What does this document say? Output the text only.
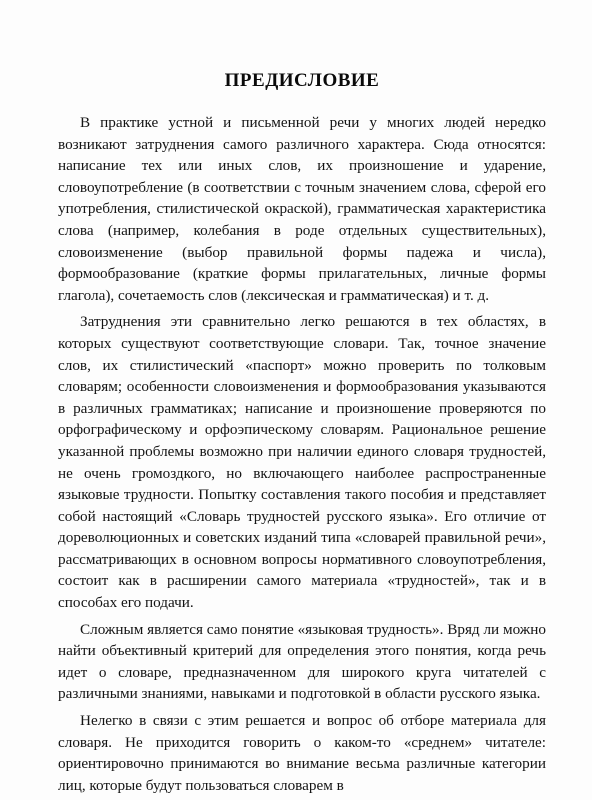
ПРЕДИСЛОВИЕ

В практике устной и письменной речи у многих людей нередко возникают затруднения самого различного характера. Сюда относятся: написание тех или иных слов, их произношение и ударение, словоупотребление (в соответствии с точным значением слова, сферой его употребления, стилистической окраской), грамматическая характеристика слова (например, колебания в роде отдельных существительных), словоизменение (выбор правильной формы падежа и числа), формообразование (краткие формы прилагательных, личные формы глагола), сочетаемость слов (лексическая и грамматическая) и т. д.

Затруднения эти сравнительно легко решаются в тех областях, в которых существуют соответствующие словари. Так, точное значение слов, их стилистический «паспорт» можно проверить по толковым словарям; особенности словоизменения и формообразования указываются в различных грамматиках; написание и произношение проверяются по орфографическому и орфоэпическому словарям. Рациональное решение указанной проблемы возможно при наличии единого словаря трудностей, не очень громоздкого, но включающего наиболее распространенные языковые трудности. Попытку составления такого пособия и представляет собой настоящий «Словарь трудностей русского языка». Его отличие от дореволюционных и советских изданий типа «словарей правильной речи», рассматривающих в основном вопросы нормативного словоупотребления, состоит как в расширении самого материала «трудностей», так и в способах его подачи.

Сложным является само понятие «языковая трудность». Вряд ли можно найти объективный критерий для определения этого понятия, когда речь идет о словаре, предназначенном для широкого круга читателей с различными знаниями, навыками и подготовкой в области русского языка.

Нелегко в связи с этим решается и вопрос об отборе материала для словаря. Не приходится говорить о каком-то «среднем» читателе: ориентировочно принимаются во внимание весьма различные категории лиц, которые будут пользоваться словарем в
